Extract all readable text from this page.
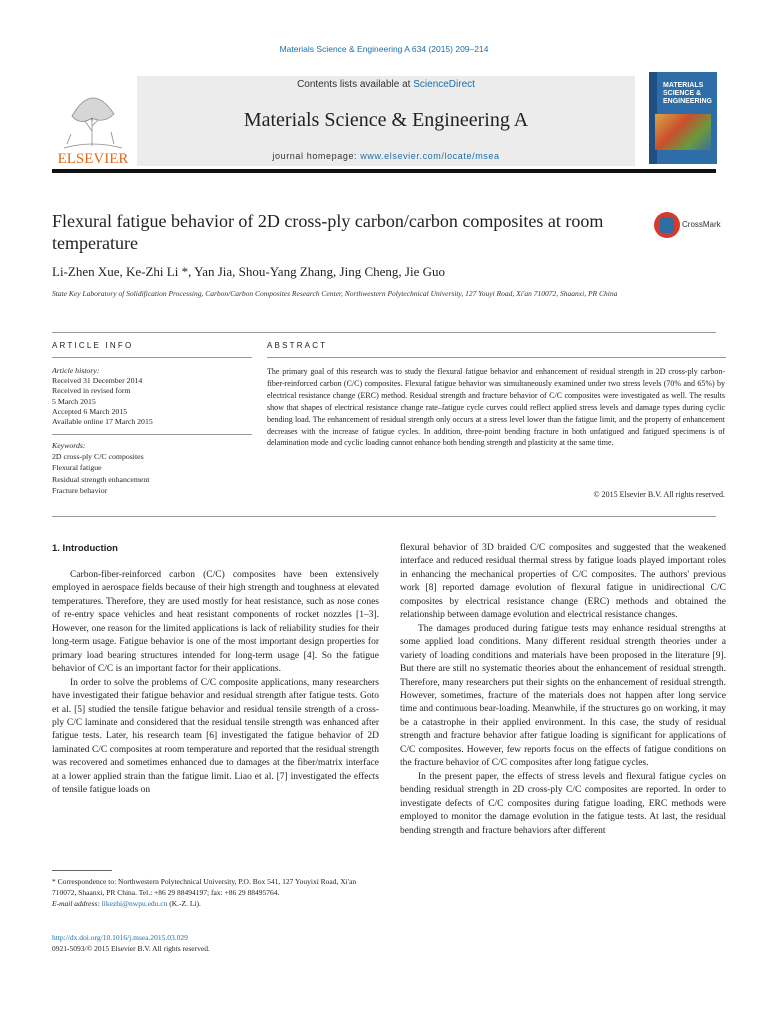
Materials Science & Engineering A 634 (2015) 209–214
Contents lists available at ScienceDirect
Materials Science & Engineering A
journal homepage: www.elsevier.com/locate/msea
ELSEVIER
MATERIALS SCIENCE & ENGINEERING
Flexural fatigue behavior of 2D cross-ply carbon/carbon composites at room temperature
CrossMark
Li-Zhen Xue, Ke-Zhi Li *, Yan Jia, Shou-Yang Zhang, Jing Cheng, Jie Guo
State Key Laboratory of Solidification Processing, Carbon/Carbon Composites Research Center, Northwestern Polytechnical University, 127 Youyi Road, Xi'an 710072, Shaanxi, PR China
ARTICLE INFO	ABSTRACT
Article history:
Received 31 December 2014
Received in revised form
5 March 2015
Accepted 6 March 2015
Available online 17 March 2015
Keywords:
2D cross-ply C/C composites
Flexural fatigue
Residual strength enhancement
Fracture behavior
The primary goal of this research was to study the flexural fatigue behavior and enhancement of residual strength in 2D cross-ply carbon-fiber-reinforced carbon (C/C) composites. Flexural fatigue behavior was simultaneously examined under two stress levels (70% and 65%) by electrical resistance change (ERC) method. Residual strength and fracture behavior of C/C composites were investigated as well. The results show that shapes of electrical resistance change rate–fatigue cycle curves could reflect applied stress levels and damage types during cyclic bending load. The enhancement of residual strength only occurs at a stress level lower than the fatigue limit, and the property of enhancement decreases with the increase of fatigue cycles. In addition, three-point bending fracture in both unfatigued and fatigued specimens is of delamination mode and cyclic loading cannot enhance both bending strength and plasticity at the same time.
© 2015 Elsevier B.V. All rights reserved.
1. Introduction

Carbon-fiber-reinforced carbon (C/C) composites have been extensively employed in aerospace fields because of their high strength and toughness at elevated temperatures. Therefore, they are used mostly for heat resistance, such as nose cones of re-entry space vehicles and heat resistant components of rocket nozzles [1–3]. However, one reason for the limited applications is lack of reliability studies for their long-term usage. Fatigue behavior is one of the most important design properties for primary load bearing structures intended for long-term usage [4]. So the fatigue behavior of C/C is an important factor for their applications.

In order to solve the problems of C/C composite applications, many researchers have investigated their fatigue behavior and residual strength after fatigue tests. Goto et al. [5] studied the tensile fatigue behavior and residual tensile strength of a cross-ply C/C laminate and considered that the residual tensile strength was enhanced after fatigue tests. Later, his research team [6] investigated the fatigue behavior of 2D laminated C/C composites at room temperature and reported that the residual strength was recovered and sometimes enhanced due to damages at the fiber/matrix interface at a lower applied strain than the fatigue limit. Liao et al. [7] investigated the effects of tensile fatigue loads on

flexural behavior of 3D braided C/C composites and suggested that the weakened interface and reduced residual thermal stress by fatigue loads played important roles in enhancing the mechanical properties of C/C composites. The authors' previous work [8] reported damage evolution of flexural fatigue in unidirectional C/C composites by electrical resistance change (ERC) methods and obtained the relationship between damage evolution and electrical resistance changes.

The damages produced during fatigue tests may enhance residual strengths at some applied load conditions. Many different residual strength theories under a variety of loading conditions and materials have been proposed in the literature [9]. But there are still no systematic theories about the enhancement of residual strength. Therefore, many researchers put their sights on the enhancement of residual strength. However, sometimes, fracture of the materials does not happen after long service time and continuous bear-loading. Meanwhile, if the structures go on working, it may be a catastrophe in their applied environment. In this case, the study of residual strength and fracture behavior after fatigue loading is significant for applications of C/C composites. However, few reports focus on the effects of fatigue conditions on the fracture behavior of C/C composites after long fatigue cycles.

In the present paper, the effects of stress levels and flexural fatigue cycles on bending residual strength in 2D cross-ply C/C composites are reported. In order to investigate defects of C/C composites during fatigue loading, ERC methods were employed to monitor the damage evolution in the fatigue tests. At last, the residual bending strength and fracture behaviors after different

* Correspondence to: Northwestern Polytechnical University, P.O. Box 541, 127 Youyixi Road, Xi'an 710072, Shaanxi, PR China. Tel.: +86 29 88494197; fax: +86 29 88495764.

E-mail address: likezhi@nwpu.edu.cn (K.-Z. Li).

http://dx.doi.org/10.1016/j.msea.2015.03.029
0921-5093/© 2015 Elsevier B.V. All rights reserved.
